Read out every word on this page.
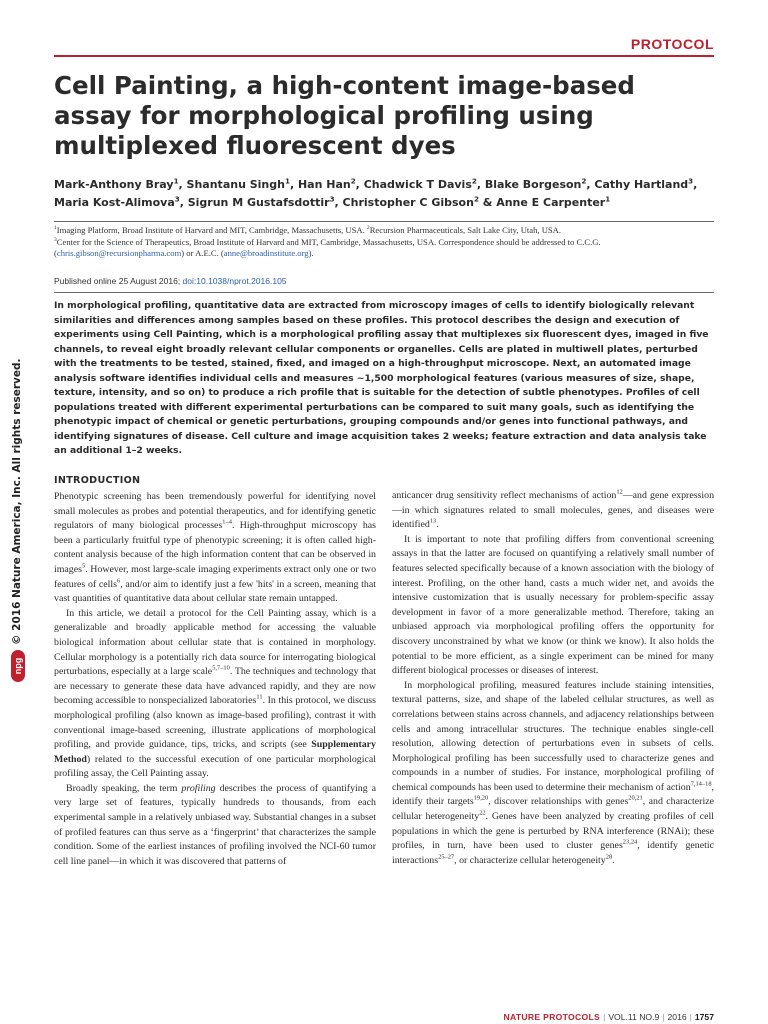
PROTOCOL
Cell Painting, a high-content image-based assay for morphological profiling using multiplexed fluorescent dyes

Mark-Anthony Bray$^1$, Shantanu Singh$^1$, Han Han$^2$, Chadwick T Davis$^2$, Blake Borgeson$^2$, Cathy Hartland$^3$, Maria Kost-Alimova$^3$, Sigrun M Gustafsdottir$^3$, Christopher C Gibson$^2$ & Anne E Carpenter$^1$

$^1$Imaging Platform, Broad Institute of Harvard and MIT, Cambridge, Massachusetts, USA. $^2$Recursion Pharmaceuticals, Salt Lake City, Utah, USA.
$^3$Center for the Science of Therapeutics, Broad Institute of Harvard and MIT, Cambridge, Massachusetts, USA. Correspondence should be addressed to C.C.G. (chris.gibson@recursionpharma.com) or A.E.C. (anne@broadinstitute.org).

Published online 25 August 2016; doi:10.1038/nprot.2016.105

In morphological profiling, quantitative data are extracted from microscopy images of cells to identify biologically relevant similarities and differences among samples based on these profiles. This protocol describes the design and execution of experiments using Cell Painting, which is a morphological profiling assay that multiplexes six fluorescent dyes, imaged in five channels, to reveal eight broadly relevant cellular components or organelles. Cells are plated in multiwell plates, perturbed with the treatments to be tested, stained, fixed, and imaged on a high-throughput microscope. Next, an automated image analysis software identifies individual cells and measures ~1,500 morphological features (various measures of size, shape, texture, intensity, and so on) to produce a rich profile that is suitable for the detection of subtle phenotypes. Profiles of cell populations treated with different experimental perturbations can be compared to suit many goals, such as identifying the phenotypic impact of chemical or genetic perturbations, grouping compounds and/or genes into functional pathways, and identifying signatures of disease. Cell culture and image acquisition takes 2 weeks; feature extraction and data analysis take an additional 1–2 weeks.

© 2016 Nature America, Inc. All rights reserved.
npg
INTRODUCTION

Phenotypic screening has been tremendously powerful for identifying novel small molecules as probes and potential therapeutics, and for identifying genetic regulators of many biological processes$^{1-4}$. High-throughput microscopy has been a particularly fruitful type of phenotypic screening; it is often called high-content analysis because of the high information content that can be observed in images$^5$. However, most large-scale imaging experiments extract only one or two features of cells$^6$, and/or aim to identify just a few 'hits' in a screen, meaning that vast quantities of quantitative data about cellular state remain untapped.

In this article, we detail a protocol for the Cell Painting assay, which is a generalizable and broadly applicable method for accessing the valuable biological information about cellular state that is contained in morphology. Cellular morphology is a potentially rich data source for interrogating biological perturbations, especially at a large scale$^{5,7-10}$. The techniques and technology that are necessary to generate these data have advanced rapidly, and they are now becoming accessible to nonspecialized laboratories$^{11}$. In this protocol, we discuss morphological profiling (also known as image-based profiling), contrast it with conventional image-based screening, illustrate applications of morphological profiling, and provide guidance, tips, tricks, and scripts (see Supplementary Method) related to the successful execution of one particular morphological profiling assay, the Cell Painting assay.

Broadly speaking, the term profiling describes the process of quantifying a very large set of features, typically hundreds to thousands, from each experimental sample in a relatively unbiased way. Substantial changes in a subset of profiled features can thus serve as a ‘fingerprint’ that characterizes the sample condition. Some of the earliest instances of profiling involved the NCI-60 tumor cell line panel—in which it was discovered that patterns of

anticancer drug sensitivity reflect mechanisms of action$^{12}$—and gene expression—in which signatures related to small molecules, genes, and diseases were identified$^{13}$.

It is important to note that profiling differs from conventional screening assays in that the latter are focused on quantifying a relatively small number of features selected specifically because of a known association with the biology of interest. Profiling, on the other hand, casts a much wider net, and avoids the intensive customization that is usually necessary for problem-specific assay development in favor of a more generalizable method. Therefore, taking an unbiased approach via morphological profiling offers the opportunity for discovery unconstrained by what we know (or think we know). It also holds the potential to be more efficient, as a single experiment can be mined for many different biological processes or diseases of interest.

In morphological profiling, measured features include staining intensities, textural patterns, size, and shape of the labeled cellular structures, as well as correlations between stains across channels, and adjacency relationships between cells and among intracellular structures. The technique enables single-cell resolution, allowing detection of perturbations even in subsets of cells. Morphological profiling has been successfully used to characterize genes and compounds in a number of studies. For instance, morphological profiling of chemical compounds has been used to determine their mechanism of action$^{7,14-18}$, identify their targets$^{19,20}$, discover relationships with genes$^{20,21}$, and characterize cellular heterogeneity$^{22}$. Genes have been analyzed by creating profiles of cell populations in which the gene is perturbed by RNA interference (RNAi); these profiles, in turn, have been used to cluster genes$^{23,24}$, identify genetic interactions$^{25-27}$, or characterize cellular heterogeneity$^{28}$.

NATURE PROTOCOLS | VOL.11 NO.9 | 2016 | 1757
